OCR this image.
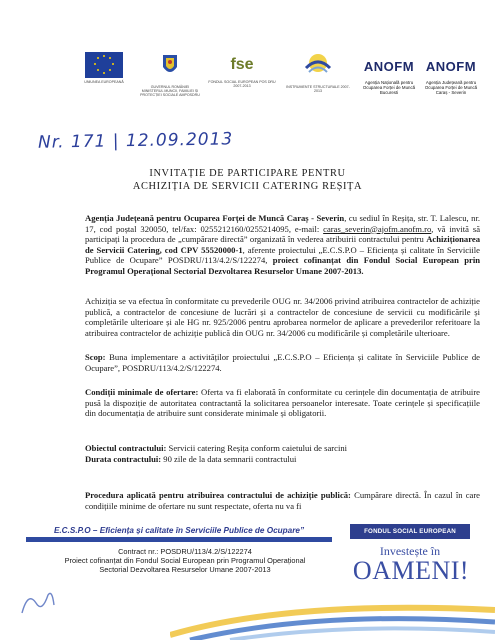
UNIUNEA EUROPEANĂ
GUVERNUL ROMÂNIEI MINISTERUL MUNCII, FAMILIEI ȘI PROTECȚIEI SOCIALE AMPOSDRU
fse
FONDUL SOCIAL EUROPEAN POS DRU 2007-2013	INSTRUMENTE STRUCTURALE 2007-2013
ANOFM
Agenția Națională pentru Ocuparea Forței de Muncă Bucuresti
ANOFM
Agenția Județeană pentru Ocuparea Forței de Muncă Caraș - Severin
Nr. 171 | 12.09.2013
INVITAȚIE DE PARTICIPARE PENTRU
ACHIZIȚIA DE SERVICII CATERING REȘIȚA

Agenția Județeană pentru Ocuparea Forței de Muncă Caraș - Severin, cu sediul în Reșița, str. T. Lalescu, nr. 17, cod poștal 320050, tel/fax: 0255212160/0255214095, e-mail: caras_severin@ajofm.anofm.ro, vă invită să participați la procedura de „cumpărare directă” organizată în vederea atribuirii contractului pentru Achiziționarea de Servicii Catering, cod CPV 55520000-1, aferente proiectului „E.C.S.P.O – Eficiența și calitate în Serviciile Publice de Ocupare” POSDRU/113/4.2/S/122274, proiect cofinanțat din Fondul Social European prin Programul Operațional Sectorial Dezvoltarea Resurselor Umane 2007-2013.

Achiziția se va efectua în conformitate cu prevederile OUG nr. 34/2006 privind atribuirea contractelor de achiziție publică, a contractelor de concesiune de lucrări și a contractelor de concesiune de servicii cu modificările și completările ulterioare și ale HG nr. 925/2006 pentru aprobarea normelor de aplicare a prevederilor referitoare la atribuirea contractelor de achiziție publică din OUG nr. 34/2006 cu modificările și completările ulterioare.

Scop: Buna implementare a activităților proiectului „E.C.S.P.O – Eficiența și calitate în Serviciile Publice de Ocupare”, POSDRU/113/4.2/S/122274.

Condiții minimale de ofertare: Oferta va fi elaborată în conformitate cu cerințele din documentația de atribuire pusă la dispoziție de autoritatea contractantă la solicitarea persoanelor interesate. Toate cerințele și specificațiile din documentația de atribuire sunt considerate minimale și obligatorii.

Obiectul contractului: Servicii catering Reșița conform caietului de sarcini

Durata contractului: 90 zile de la data semnarii contractului

Procedura aplicată pentru atribuirea contractului de achiziție publică: Cumpărare directă. În cazul în care condițiile minime de ofertare nu sunt respectate, oferta nu va fi

E.C.S.P.O – Eficiența și calitate în Serviciile Publice de Ocupare”
Contract nr.: POSDRU/113/4.2/S/122274
Proiect cofinanțat din Fondul Social European prin Programul Operațional
Sectorial Dezvoltarea Resurselor Umane 2007-2013
FONDUL SOCIAL EUROPEAN
Investește în
OAMENI!
